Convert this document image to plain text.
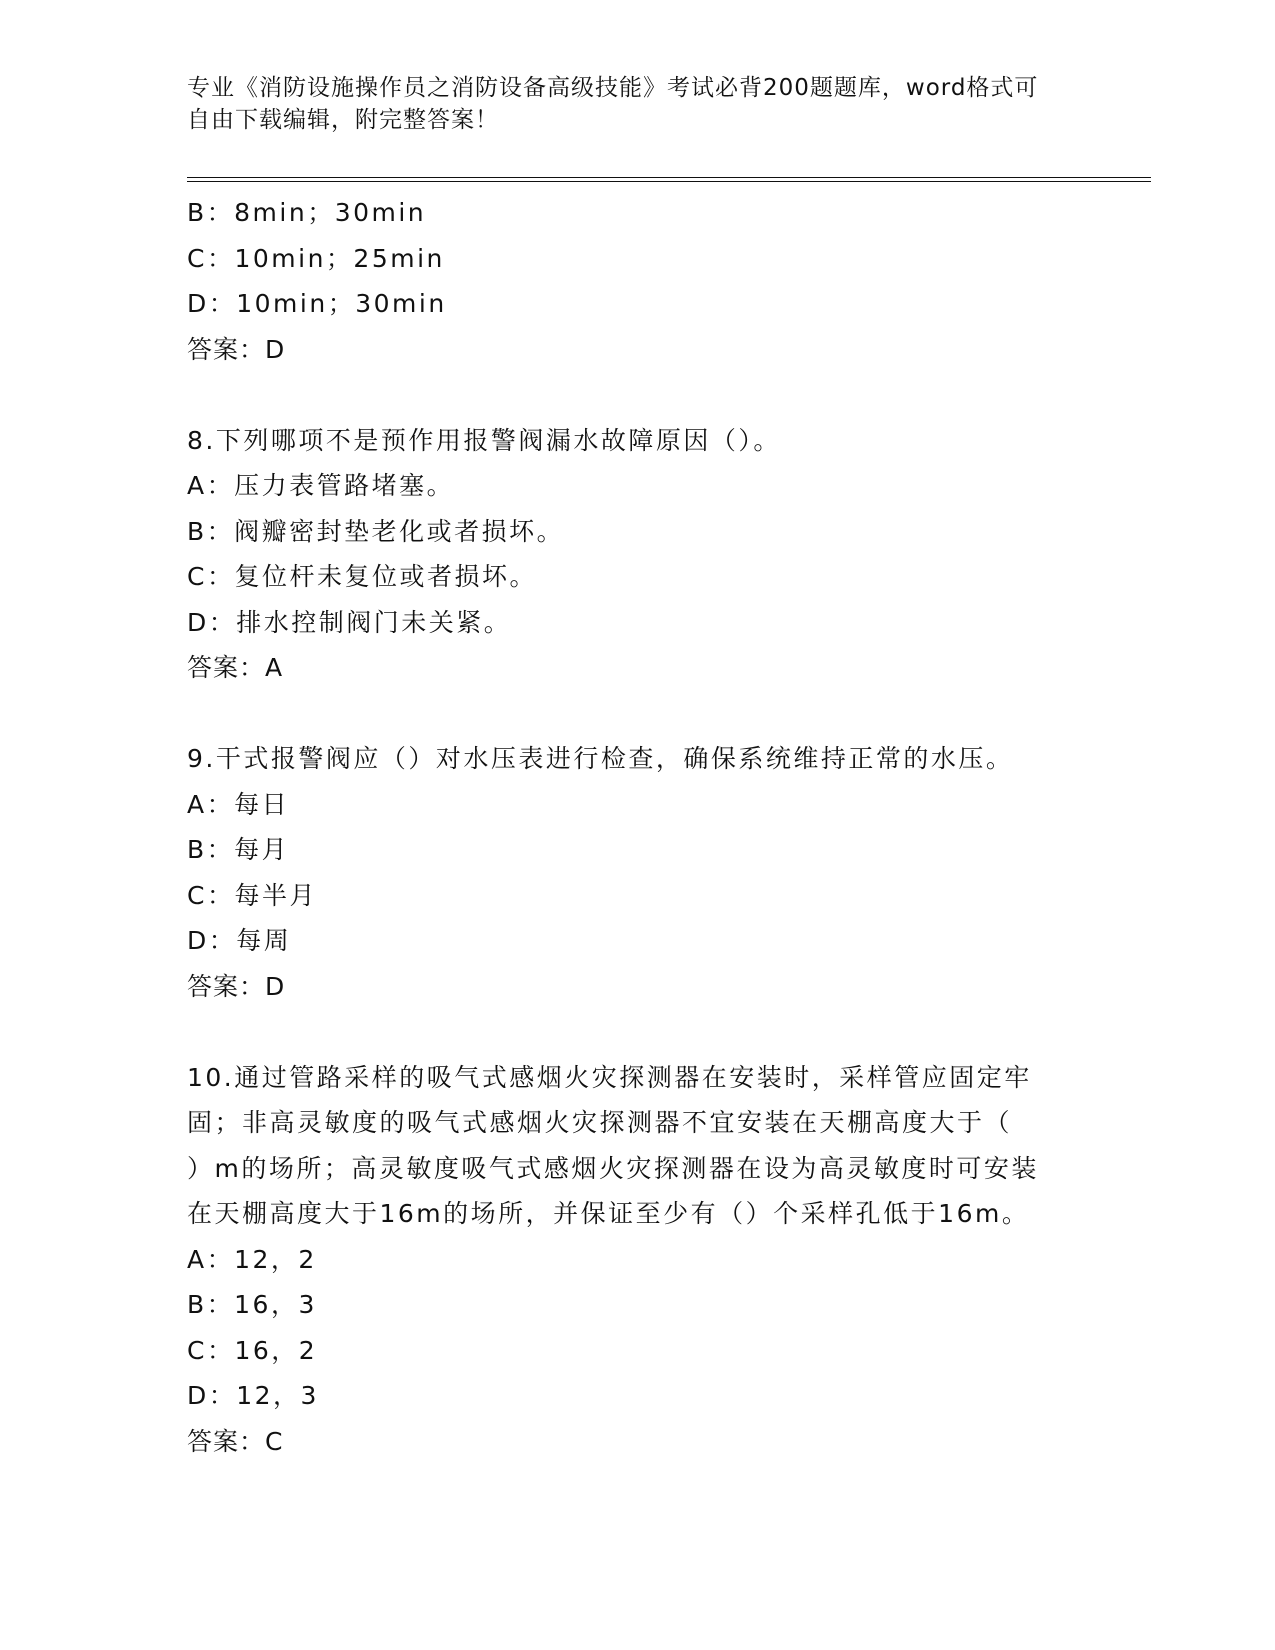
专业《消防设施操作员之消防设备高级技能》考试必背200题题库，word格式可
自由下载编辑，附完整答案！
B：8min；30min
C：10min；25min
D：10min；30min
答案：D
8.下列哪项不是预作用报警阀漏水故障原因（）。
A：压力表管路堵塞。
B：阀瓣密封垫老化或者损坏。
C：复位杆未复位或者损坏。
D：排水控制阀门未关紧。
答案：A
9.干式报警阀应（）对水压表进行检查，确保系统维持正常的水压。
A：每日
B：每月
C：每半月
D：每周
答案：D
10.通过管路采样的吸气式感烟火灾探测器在安装时，采样管应固定牢
固；非高灵敏度的吸气式感烟火灾探测器不宜安装在天棚高度大于（
）m的场所；高灵敏度吸气式感烟火灾探测器在设为高灵敏度时可安装
在天棚高度大于16m的场所，并保证至少有（）个采样孔低于16m。
A：12，2
B：16，3
C：16，2
D：12，3
答案：C
